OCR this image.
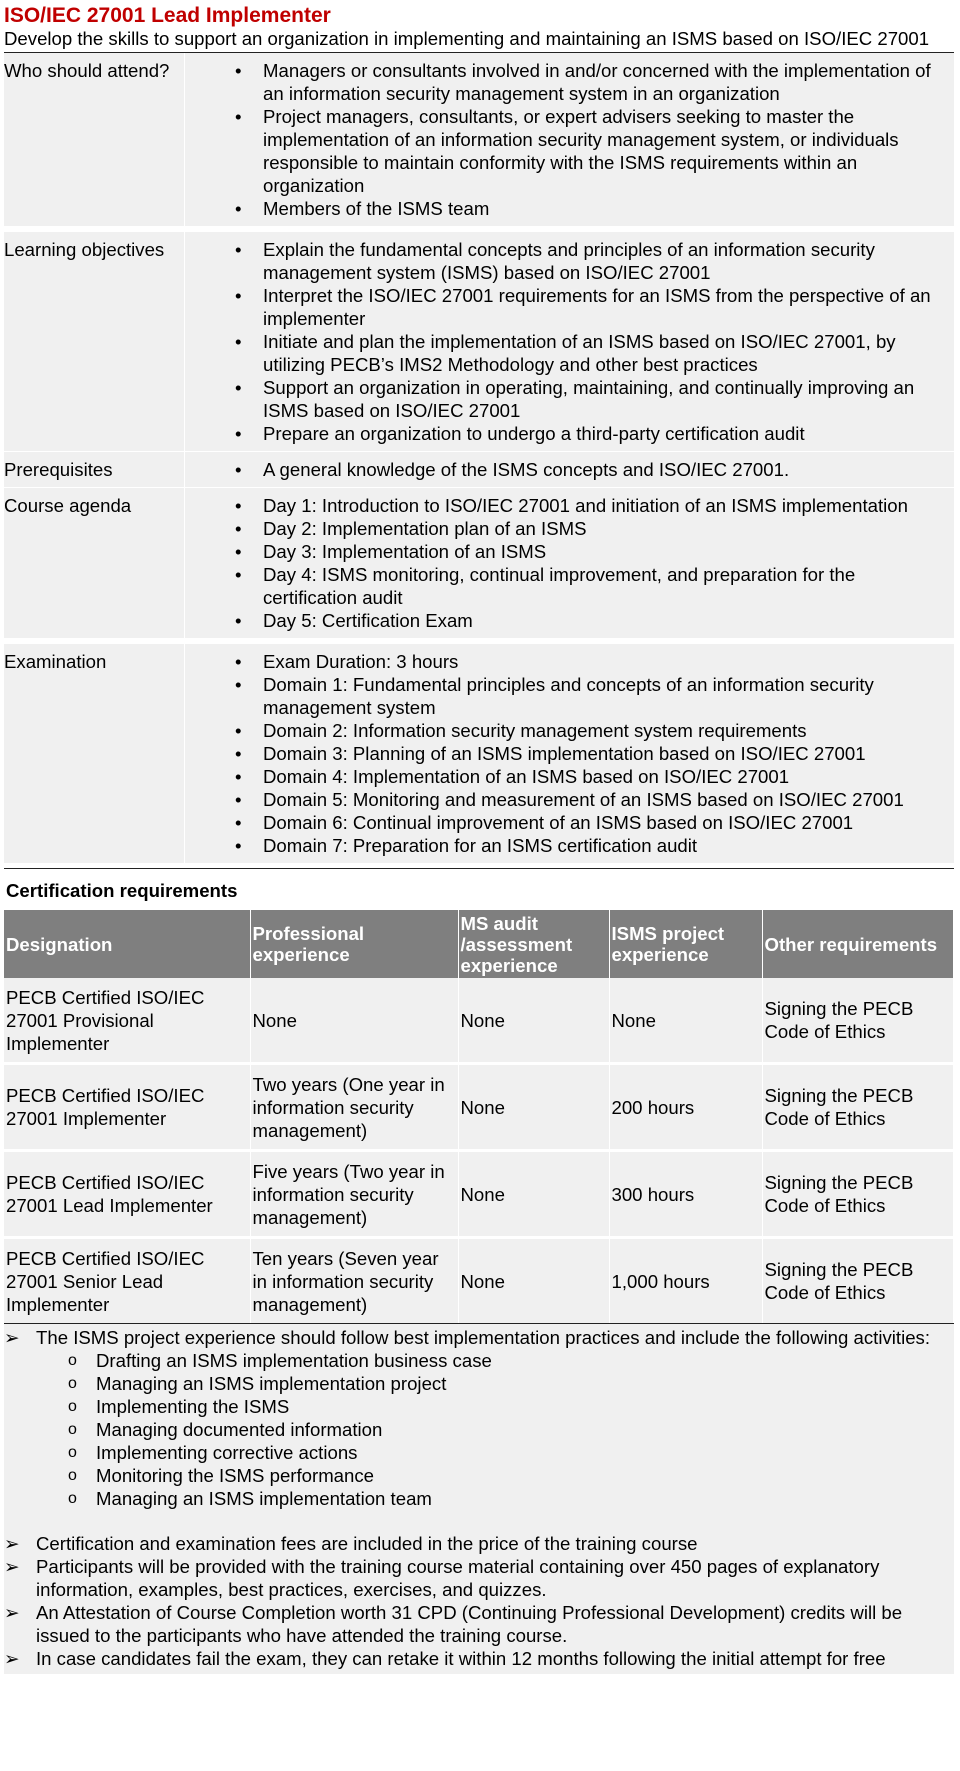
ISO/IEC 27001 Lead Implementer
Develop the skills to support an organization in implementing and maintaining an ISMS based on ISO/IEC 27001
Who should attend?	• Managers or consultants involved in and/or concerned with the implementation of an information security management system in an organization
• Project managers, consultants, or expert advisers seeking to master the implementation of an information security management system, or individuals responsible to maintain conformity with the ISMS requirements within an organization
• Members of the ISMS team
Learning objectives	• Explain the fundamental concepts and principles of an information security management system (ISMS) based on ISO/IEC 27001
• Interpret the ISO/IEC 27001 requirements for an ISMS from the perspective of an implementer
• Initiate and plan the implementation of an ISMS based on ISO/IEC 27001, by utilizing PECB’s IMS2 Methodology and other best practices
• Support an organization in operating, maintaining, and continually improving an ISMS based on ISO/IEC 27001
• Prepare an organization to undergo a third-party certification audit
Prerequisites	• A general knowledge of the ISMS concepts and ISO/IEC 27001.
Course agenda	• Day 1: Introduction to ISO/IEC 27001 and initiation of an ISMS implementation
• Day 2: Implementation plan of an ISMS
• Day 3: Implementation of an ISMS
• Day 4: ISMS monitoring, continual improvement, and preparation for the certification audit
• Day 5: Certification Exam
Examination	• Exam Duration: 3 hours
• Domain 1: Fundamental principles and concepts of an information security management system
• Domain 2: Information security management system requirements
• Domain 3: Planning of an ISMS implementation based on ISO/IEC 27001
• Domain 4: Implementation of an ISMS based on ISO/IEC 27001
• Domain 5: Monitoring and measurement of an ISMS based on ISO/IEC 27001
• Domain 6: Continual improvement of an ISMS based on ISO/IEC 27001
• Domain 7: Preparation for an ISMS certification audit
Certification requirements
Designation	Professional experience	MS audit /assessment experience	ISMS project experience	Other requirements
PECB Certified ISO/IEC 27001 Provisional Implementer	None	None	None	Signing the PECB Code of Ethics
PECB Certified ISO/IEC 27001 Implementer	Two years (One year in information security management)	None	200 hours	Signing the PECB Code of Ethics
PECB Certified ISO/IEC 27001 Lead Implementer	Five years (Two year in information security management)	None	300 hours	Signing the PECB Code of Ethics
PECB Certified ISO/IEC 27001 Senior Lead Implementer	Ten years (Seven year in information security management)	None	1,000 hours	Signing the PECB Code of Ethics
➢ The ISMS project experience should follow best implementation practices and include the following activities:
o Drafting an ISMS implementation business case
o Managing an ISMS implementation project
o Implementing the ISMS
o Managing documented information
o Implementing corrective actions
o Monitoring the ISMS performance
o Managing an ISMS implementation team
➢ Certification and examination fees are included in the price of the training course
➢ Participants will be provided with the training course material containing over 450 pages of explanatory information, examples, best practices, exercises, and quizzes.
➢ An Attestation of Course Completion worth 31 CPD (Continuing Professional Development) credits will be issued to the participants who have attended the training course.
➢ In case candidates fail the exam, they can retake it within 12 months following the initial attempt for free
